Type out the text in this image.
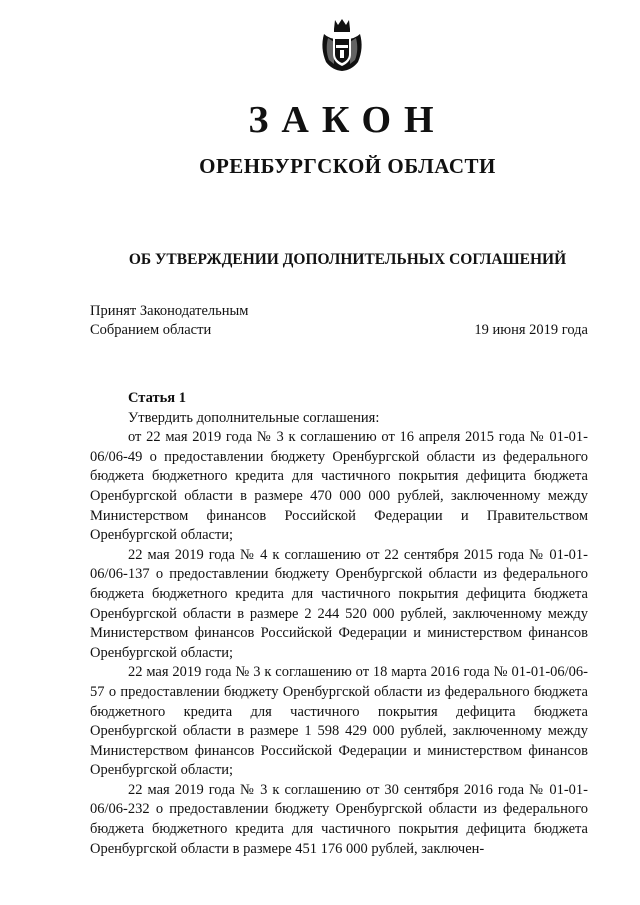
ЗАКОН
ОРЕНБУРГСКОЙ ОБЛАСТИ
ОБ УТВЕРЖДЕНИИ ДОПОЛНИТЕЛЬНЫХ СОГЛАШЕНИЙ
Принят Законодательным
Собранием области	19 июня 2019 года
Статья 1

Утвердить дополнительные соглашения:

от 22 мая 2019 года № 3 к соглашению от 16 апреля 2015 года № 01-01-06/06-49 о предоставлении бюджету Оренбургской области из федерального бюджета бюджетного кредита для частичного покрытия дефицита бюджета Оренбургской области в размере 470 000 000 рублей, заключенному между Министерством финансов Российской Федерации и Правительством Оренбургской области;

22 мая 2019 года № 4 к соглашению от 22 сентября 2015 года № 01-01-06/06-137 о предоставлении бюджету Оренбургской области из федерального бюджета бюджетного кредита для частичного покрытия дефицита бюджета Оренбургской области в размере 2 244 520 000 рублей, заключенному между Министерством финансов Российской Федерации и министерством финансов Оренбургской области;

22 мая 2019 года № 3 к соглашению от 18 марта 2016 года № 01-01-06/06-57 о предоставлении бюджету Оренбургской области из федерального бюджета бюджетного кредита для частичного покрытия дефицита бюджета Оренбургской области в размере 1 598 429 000 рублей, заключенному между Министерством финансов Российской Федерации и министерством финансов Оренбургской области;

22 мая 2019 года № 3 к соглашению от 30 сентября 2016 года № 01-01-06/06-232 о предоставлении бюджету Оренбургской области из федерального бюджета бюджетного кредита для частичного покрытия дефицита бюджета Оренбургской области в размере 451 176 000 рублей, заключен-
